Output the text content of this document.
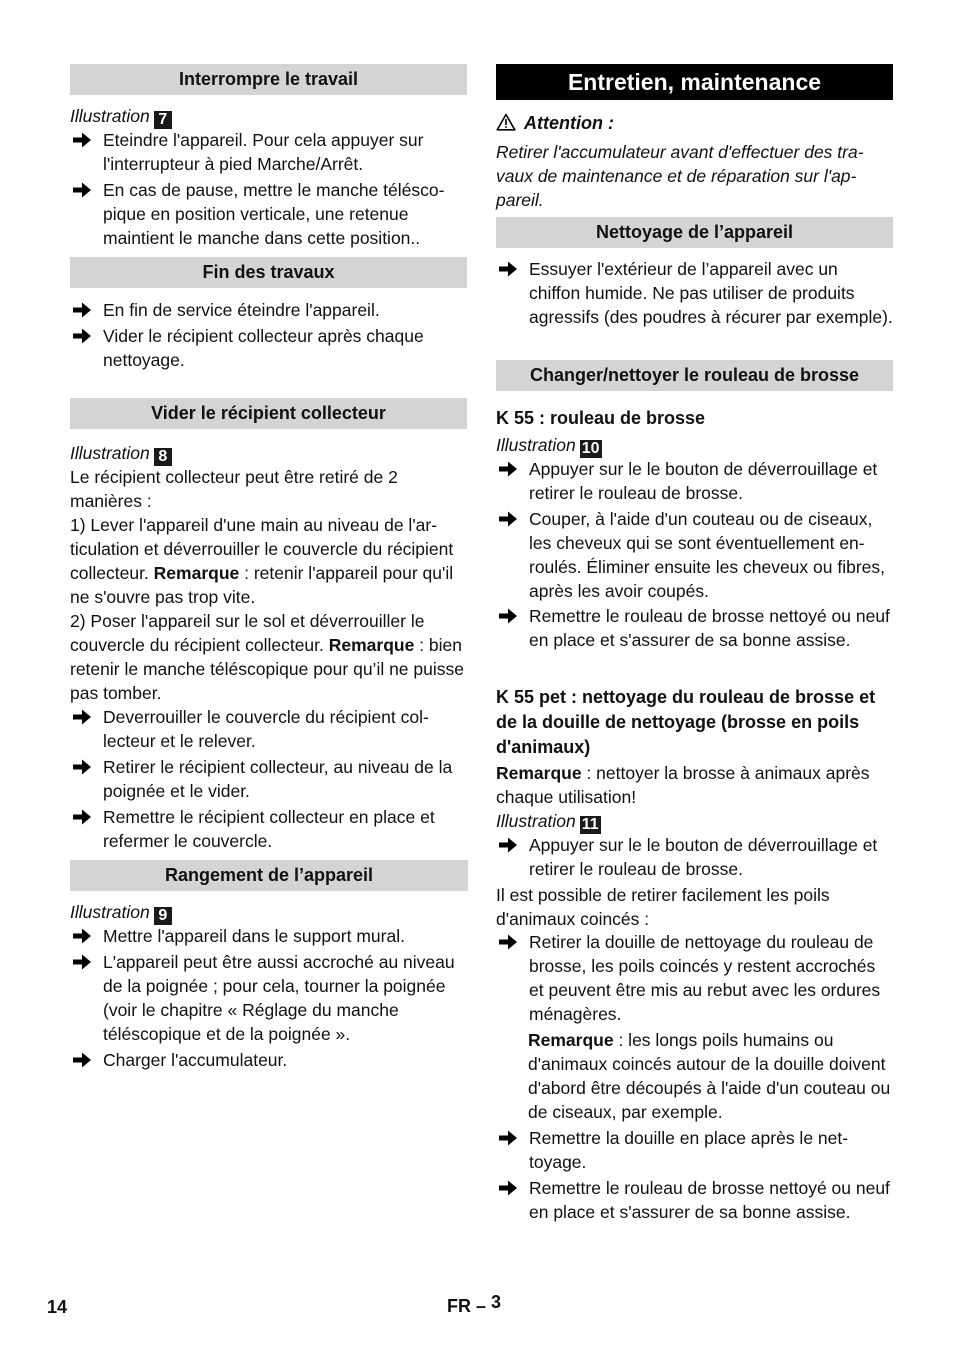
Interrompre le travail
Illustration 7
Eteindre l'appareil. Pour cela appuyer sur l'interrupteur à pied Marche/Arrêt.
En cas de pause, mettre le manche téléscopique en position verticale, une retenue maintient le manche dans cette position..
Fin des travaux
En fin de service éteindre l'appareil.
Vider le récipient collecteur après chaque nettoyage.
Vider le récipient collecteur
Illustration 8
Le récipient collecteur peut être retiré de 2 manières :
1) Lever l'appareil d'une main au niveau de l'articulation et déverrouiller le couvercle du récipient collecteur. Remarque : retenir l'appareil pour qu'il ne s'ouvre pas trop vite.
2) Poser l'appareil sur le sol et déverrouiller le couvercle du récipient collecteur. Remarque : bien retenir le manche téléscopique pour qu’il ne puisse pas tomber.
Deverrouiller le couvercle du récipient collecteur et le relever.
Retirer le récipient collecteur, au niveau de la poignée et le vider.
Remettre le récipient collecteur en place et refermer le couvercle.
Rangement de l’appareil
Illustration 9
Mettre l'appareil dans le support mural.
L'appareil peut être aussi accroché au niveau de la poignée ; pour cela, tourner la poignée (voir le chapitre « Réglage du manche téléscopique et de la poignée ».
Charger l'accumulateur.
Entretien, maintenance
Attention :
Retirer l'accumulateur avant d'effectuer des travaux de maintenance et de réparation sur l'appareil.
Nettoyage de l’appareil
Essuyer l'extérieur de l’appareil avec un chiffon humide. Ne pas utiliser de produits agressifs (des poudres à récurer par exemple).
Changer/nettoyer le rouleau de brosse
K 55 : rouleau de brosse
Illustration 10
Appuyer sur le le bouton de déverrouillage et retirer le rouleau de brosse.
Couper, à l'aide d'un couteau ou de ciseaux, les cheveux qui se sont éventuellement enroulés. Éliminer ensuite les cheveux ou fibres, après les avoir coupés.
Remettre le rouleau de brosse nettoyé ou neuf en place et s'assurer de sa bonne assise.
K 55 pet : nettoyage du rouleau de brosse et de la douille de nettoyage (brosse en poils d'animaux)
Remarque : nettoyer la brosse à animaux après chaque utilisation!
Illustration 11
Appuyer sur le le bouton de déverrouillage et retirer le rouleau de brosse.
Il est possible de retirer facilement les poils d'animaux coincés :
Retirer la douille de nettoyage du rouleau de brosse, les poils coincés y restent accrochés et peuvent être mis au rebut avec les ordures ménagères.
Remarque : les longs poils humains ou d'animaux coincés autour de la douille doivent d'abord être découpés à l'aide d'un couteau ou de ciseaux, par exemple.
Remettre la douille en place après le nettoyage.
Remettre le rouleau de brosse nettoyé ou neuf en place et s'assurer de sa bonne assise.
14	FR – 3
